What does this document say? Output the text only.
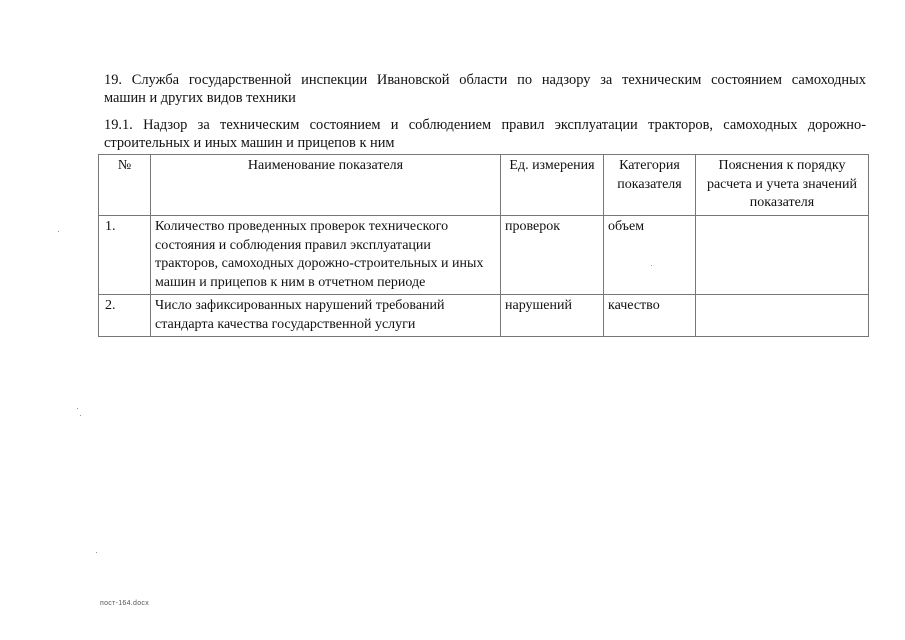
19. Служба государственной инспекции Ивановской области по надзору за техническим состоянием самоходных
машин и других видов техники
19.1. Надзор за техническим состоянием и соблюдением правил эксплуатации тракторов, самоходных дорожно-
строительных и иных машин и прицепов к ним
№	Наименование показателя	Ед. измерения	Категория показателя	Пояснения к порядку расчета и учета значений показателя
1.	Количество проведенных проверок технического состояния и соблюдения правил эксплуатации тракторов, самоходных дорожно-строительных и иных машин и прицепов к ним в отчетном периоде	проверок	объем	
2.	Число зафиксированных нарушений требований стандарта качества государственной услуги	нарушений	качество	
пост-164.docx
